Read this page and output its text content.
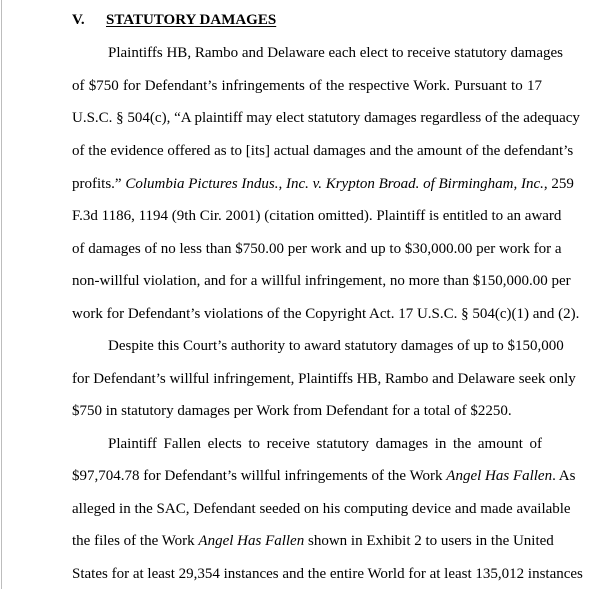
V. STATUTORY DAMAGES
Plaintiffs HB, Rambo and Delaware each elect to receive statutory damages
of $750 for Defendant’s infringements of the respective Work. Pursuant to 17
U.S.C. § 504(c), “A plaintiff may elect statutory damages regardless of the adequacy
of the evidence offered as to [its] actual damages and the amount of the defendant’s
profits.” Columbia Pictures Indus., Inc. v. Krypton Broad. of Birmingham, Inc., 259
F.3d 1186, 1194 (9th Cir. 2001) (citation omitted). Plaintiff is entitled to an award
of damages of no less than $750.00 per work and up to $30,000.00 per work for a
non-willful violation, and for a willful infringement, no more than $150,000.00 per
work for Defendant’s violations of the Copyright Act. 17 U.S.C. § 504(c)(1) and (2).
Despite this Court’s authority to award statutory damages of up to $150,000
for Defendant’s willful infringement, Plaintiffs HB, Rambo and Delaware seek only
$750 in statutory damages per Work from Defendant for a total of $2250.
Plaintiff Fallen elects to receive statutory damages in the amount of
$97,704.78 for Defendant’s willful infringements of the Work Angel Has Fallen. As
alleged in the SAC, Defendant seeded on his computing device and made available
the files of the Work Angel Has Fallen shown in Exhibit 2 to users in the United
States for at least 29,354 instances and the entire World for at least 135,012 instances
